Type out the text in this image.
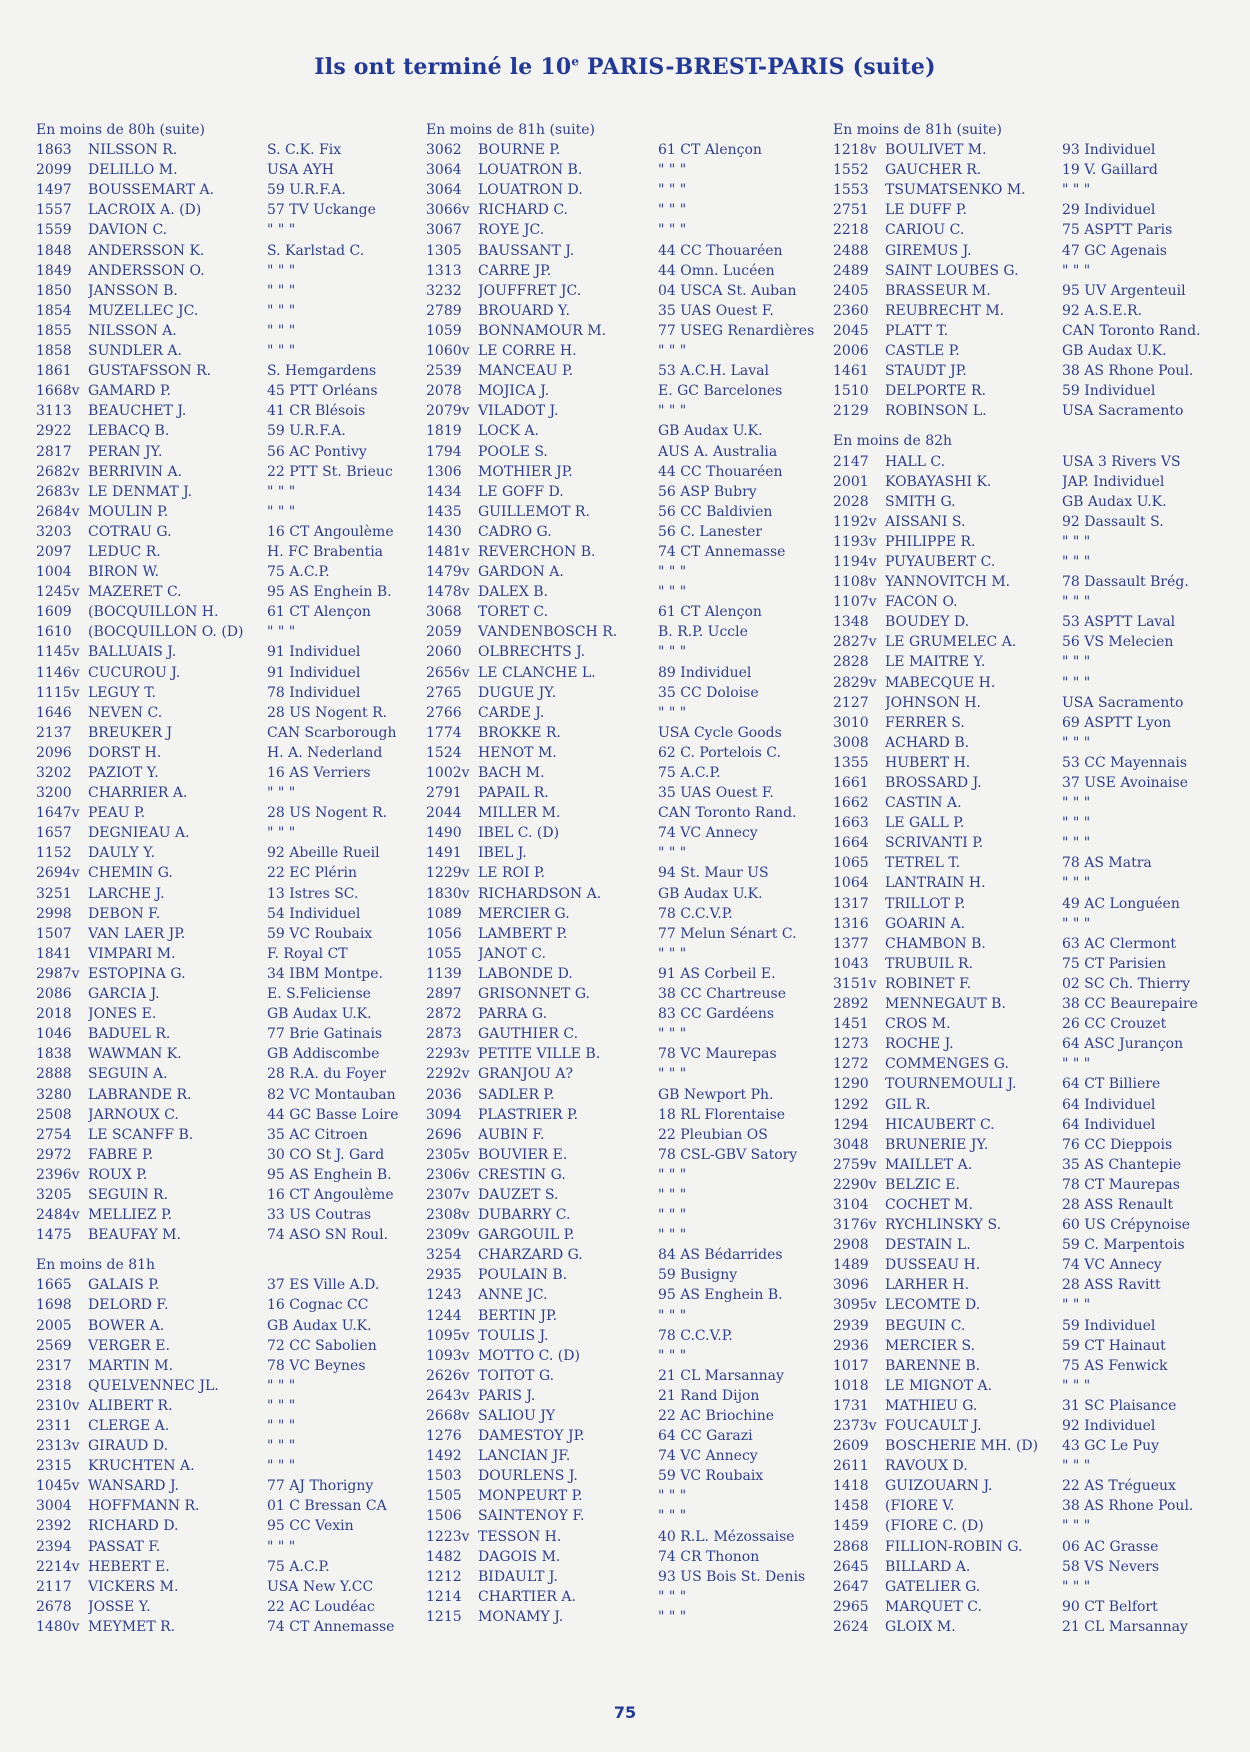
Ils ont terminé le 10e PARIS-BREST-PARIS (suite)
En moins de 80h (suite)
1863	NILSSON R.	S. C.K. Fix
2099	DELILLO M.	USA AYH
1497	BOUSSEMART A.	59 U.R.F.A.
1557	LACROIX A. (D)	57 TV Uckange
1559	DAVION C.	" " "
1848	ANDERSSON K.	S. Karlstad C.
1849	ANDERSSON O.	" " "
1850	JANSSON B.	" " "
1854	MUZELLEC JC.	" " "
1855	NILSSON A.	" " "
1858	SUNDLER A.	" " "
1861	GUSTAFSSON R.	S. Hemgardens
1668v GAMARD P.	45 PTT Orléans
3113	BEAUCHET J.	41 CR Blésois
2922	LEBACQ B.	59 U.R.F.A.
2817	PERAN JY.	56 AC Pontivy
2682v BERRIVIN A.	22 PTT St. Brieuc
2683v LE DENMAT J.	" " "
2684v MOULIN P.	" " "
3203	COTRAU G.	16 CT Angoulème
2097	LEDUC R.	H. FC Brabentia
1004	BIRON W.	75 A.C.P.
1245v MAZERET C.	95 AS Enghein B.
1609	(BOCQUILLON H.	61 CT Alençon
1610	(BOCQUILLON O. (D)	" " "
1145v BALLUAIS J.	91 Individuel
1146v CUCUROU J.	91 Individuel
1115v LEGUY T.	78 Individuel
1646	NEVEN C.	28 US Nogent R.
2137	BREUKER J	CAN Scarborough
2096	DORST H.	H. A. Nederland
3202	PAZIOT Y.	16 AS Verriers
3200	CHARRIER A.	" " "
1647v PEAU P.	28 US Nogent R.
1657	DEGNIEAU A.	" " "
1152	DAULY Y.	92 Abeille Rueil
2694v CHEMIN G.	22 EC Plérin
3251	LARCHE J.	13 Istres SC.
2998	DEBON F.	54 Individuel
1507	VAN LAER JP.	59 VC Roubaix
1841	VIMPARI M.	F. Royal CT
2987v ESTOPINA G.	34 IBM Montpe.
2086	GARCIA J.	E. S.Feliciense
2018	JONES E.	GB Audax U.K.
1046	BADUEL R.	77 Brie Gatinais
1838	WAWMAN K.	GB Addiscombe
2888	SEGUIN A.	28 R.A. du Foyer
3280	LABRANDE R.	82 VC Montauban
2508	JARNOUX C.	44 GC Basse Loire
2754	LE SCANFF B.	35 AC Citroen
2972	FABRE P.	30 CO St J. Gard
2396v ROUX P.	95 AS Enghein B.
3205	SEGUIN R.	16 CT Angoulème
2484v MELLIEZ P.	33 US Coutras
1475	BEAUFAY M.	74 ASO SN Roul.
En moins de 81h
1665	GALAIS P.	37 ES Ville A.D.
1698	DELORD F.	16 Cognac CC
2005	BOWER A.	GB Audax U.K.
2569	VERGER E.	72 CC Sabolien
2317	MARTIN M.	78 VC Beynes
2318	QUELVENNEC JL.	" " "
2310v ALIBERT R.	" " "
2311	CLERGE A.	" " "
2313v GIRAUD D.	" " "
2315	KRUCHTEN A.	" " "
1045v WANSARD J.	77 AJ Thorigny
3004	HOFFMANN R.	01 C Bressan CA
2392	RICHARD D.	95 CC Vexin
2394	PASSAT F.	" " "
2214v HEBERT E.	75 A.C.P.
2117	VICKERS M.	USA New Y.CC
2678	JOSSE Y.	22 AC Loudéac
1480v MEYMET R.	74 CT Annemasse
En moins de 81h (suite)
3062	BOURNE P.	61 CT Alençon
3064	LOUATRON B.	" " "
3064	LOUATRON D.	" " "
3066v RICHARD C.	" " "
3067	ROYE JC.	" " "
1305	BAUSSANT J.	44 CC Thouaréen
1313	CARRE JP.	44 Omn. Lucéen
3232	JOUFFRET JC.	04 USCA St. Auban
2789	BROUARD Y.	35 UAS Ouest F.
1059	BONNAMOUR M.	77 USEG Renardières
1060v LE CORRE H.	" " "
2539	MANCEAU P.	53 A.C.H. Laval
2078	MOJICA J.	E. GC Barcelones
2079v VILADOT J.	" " "
1819	LOCK A.	GB Audax U.K.
1794	POOLE S.	AUS A. Australia
1306	MOTHIER JP.	44 CC Thouaréen
1434	LE GOFF D.	56 ASP Bubry
1435	GUILLEMOT R.	56 CC Baldivien
1430	CADRO G.	56 C. Lanester
1481v REVERCHON B.	74 CT Annemasse
1479v GARDON A.	" " "
1478v DALEX B.	" " "
3068	TORET C.	61 CT Alençon
2059	VANDENBOSCH R.	B. R.P. Uccle
2060	OLBRECHTS J.	" " "
2656v LE CLANCHE L.	89 Individuel
2765	DUGUE JY.	35 CC Doloise
2766	CARDE J.	" " "
1774	BROKKE R.	USA Cycle Goods
1524	HENOT M.	62 C. Portelois C.
1002v BACH M.	75 A.C.P.
2791	PAPAIL R.	35 UAS Ouest F.
2044	MILLER M.	CAN Toronto Rand.
1490	IBEL C. (D)	74 VC Annecy
1491	IBEL J.	" " "
1229v LE ROI P.	94 St. Maur US
1830v RICHARDSON A.	GB Audax U.K.
1089	MERCIER G.	78 C.C.V.P.
1056	LAMBERT P.	77 Melun Sénart C.
1055	JANOT C.	" " "
1139	LABONDE D.	91 AS Corbeil E.
2897	GRISONNET G.	38 CC Chartreuse
2872	PARRA G.	83 CC Gardéens
2873	GAUTHIER C.	" " "
2293v PETITE VILLE B.	78 VC Maurepas
2292v GRANJOU A?	" " "
2036	SADLER P.	GB Newport Ph.
3094	PLASTRIER P.	18 RL Florentaise
2696	AUBIN F.	22 Pleubian OS
2305v BOUVIER E.	78 CSL-GBV Satory
2306v CRESTIN G.	" " "
2307v DAUZET S.	" " "
2308v DUBARRY C.	" " "
2309v GARGOUIL P.	" " "
3254	CHARZARD G.	84 AS Bédarrides
2935	POULAIN B.	59 Busigny
1243	ANNE JC.	95 AS Enghein B.
1244	BERTIN JP.	" " "
1095v TOULIS J.	78 C.C.V.P.
1093v MOTTO C. (D)	" " "
2626v TOITOT G.	21 CL Marsannay
2643v PARIS J.	21 Rand Dijon
2668v SALIOU JY	22 AC Briochine
1276	DAMESTOY JP.	64 CC Garazi
1492	LANCIAN JF.	74 VC Annecy
1503	DOURLENS J.	59 VC Roubaix
1505	MONPEURT P.	" " "
1506	SAINTENOY F.	" " "
1223v TESSON H.	40 R.L. Mézossaise
1482	DAGOIS M.	74 CR Thonon
1212	BIDAULT J.	93 US Bois St. Denis
1214	CHARTIER A.	" " "
1215	MONAMY J.	" " "
En moins de 81h (suite)
1218v BOULIVET M.	93 Individuel
1552	GAUCHER R.	19 V. Gaillard
1553	TSUMATSENKO M.	" " "
2751	LE DUFF P.	29 Individuel
2218	CARIOU C.	75 ASPTT Paris
2488	GIREMUS J.	47 GC Agenais
2489	SAINT LOUBES G.	" " "
2405	BRASSEUR M.	95 UV Argenteuil
2360	REUBRECHT M.	92 A.S.E.R.
2045	PLATT T.	CAN Toronto Rand.
2006	CASTLE P.	GB Audax U.K.
1461	STAUDT JP.	38 AS Rhone Poul.
1510	DELPORTE R.	59 Individuel
2129	ROBINSON L.	USA Sacramento
En moins de 82h
2147	HALL C.	USA 3 Rivers VS
2001	KOBAYASHI K.	JAP. Individuel
2028	SMITH G.	GB Audax U.K.
1192v AISSANI S.	92 Dassault S.
1193v PHILIPPE R.	" " "
1194v PUYAUBERT C.	" " "
1108v YANNOVITCH M.	78 Dassault Brég.
1107v FACON O.	" " "
1348	BOUDEY D.	53 ASPTT Laval
2827v LE GRUMELEC A.	56 VS Melecien
2828	LE MAITRE Y.	" " "
2829v MABECQUE H.	" " "
2127	JOHNSON H.	USA Sacramento
3010	FERRER S.	69 ASPTT Lyon
3008	ACHARD B.	" " "
1355	HUBERT H.	53 CC Mayennais
1661	BROSSARD J.	37 USE Avoinaise
1662	CASTIN A.	" " "
1663	LE GALL P.	" " "
1664	SCRIVANTI P.	" " "
1065	TETREL T.	78 AS Matra
1064	LANTRAIN H.	" " "
1317	TRILLOT P.	49 AC Longuéen
1316	GOARIN A.	" " "
1377	CHAMBON B.	63 AC Clermont
1043	TRUBUIL R.	75 CT Parisien
3151v ROBINET F.	02 SC Ch. Thierry
2892	MENNEGAUT B.	38 CC Beaurepaire
1451	CROS M.	26 CC Crouzet
1273	ROCHE J.	64 ASC Jurançon
1272	COMMENGES G.	" " "
1290	TOURNEMOULI J.	64 CT Billiere
1292	GIL R.	64 Individuel
1294	HICAUBERT C.	64 Individuel
3048	BRUNERIE JY.	76 CC Dieppois
2759v MAILLET A.	35 AS Chantepie
2290v BELZIC E.	78 CT Maurepas
3104	COCHET M.	28 ASS Renault
3176v RYCHLINSKY S.	60 US Crépynoise
2908	DESTAIN L.	59 C. Marpentois
1489	DUSSEAU H.	74 VC Annecy
3096	LARHER H.	28 ASS Ravitt
3095v LECOMTE D.	" " "
2939	BEGUIN C.	59 Individuel
2936	MERCIER S.	59 CT Hainaut
1017	BARENNE B.	75 AS Fenwick
1018	LE MIGNOT A.	" " "
1731	MATHIEU G.	31 SC Plaisance
2373v FOUCAULT J.	92 Individuel
2609	BOSCHERIE MH. (D)	43 GC Le Puy
2611	RAVOUX D.	" " "
1418	GUIZOUARN J.	22 AS Trégueux
1458	(FIORE V.	38 AS Rhone Poul.
1459	(FIORE C. (D)	" " "
2868	FILLION-ROBIN G.	06 AC Grasse
2645	BILLARD A.	58 VS Nevers
2647	GATELIER G.	" " "
2965	MARQUET C.	90 CT Belfort
2624	GLOIX M.	21 CL Marsannay
75
